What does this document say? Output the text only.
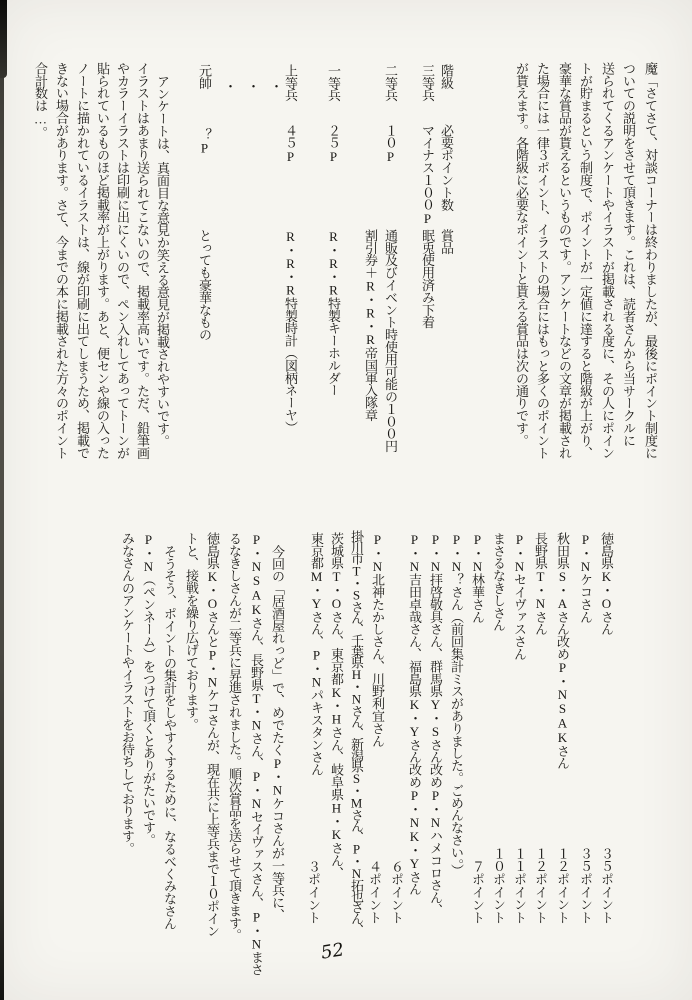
魔「さてさて、対談コーナーは終わりましたが、最後にポイント制度に
ついての説明をさせて頂きます。これは、読者さんから当サークルに
送られてくるアンケートやイラストが掲載される度に、その人にポイン
トが貯まるという制度で、ポイントが一定値に達すると階級が上がり、
豪華な賞品が貰えるというものです。アンケートなどの文章が掲載され
た場合には一律３ポイント、イラストの場合にはもっと多くのポイント
が貰えます。各階級に必要なポイントと貰える賞品は次の通りです。
階級
必要ポイント数
賞品
三等兵
マイナス１００P
眠兎使用済み下着
二等兵
１０P
通販及びイベント時使用可能の１００円
割引券＋R・R・R帝国軍入隊章
一等兵
２５P
R・R・R特製キーホルダー
上等兵
４５P
R・R・R特製時計（図柄ネーヤ）
・・・
元帥
？P
とっても豪華なもの
アンケートは、真面目な意見か笑える意見が掲載されやすいです。
イラストはあまり送られてこないので、掲載率高いです。ただ、鉛筆画
やカラーイラストは印刷に出にくいので、ペン入れしてあってトーンが
貼られているものほど掲載率が上がります。あと、便センや線の入った
ノートに描かれているイラストは、線が印刷に出てしまうため、掲載で
きない場合があります。さて、今までの本に掲載された方々のポイント
合計数は…。
徳島県K・Oさん
３５ポイント
P・Nケコさん
３５ポイント
秋田県S・Aさん改めP・NSAKさん
１２ポイント
長野県T・Nさん
１２ポイント
P・Nセイヴァスさん
１１ポイント
まさるなきしさん
１０ポイント
P・N林華さん
７ポイント
P・N？さん（前回集計ミスがありました。ごめんなさい。）
P・N拝啓敬具さん、群馬県Y・Sさん改めP・Nハメコロさん、
P・N吉田卓哉さん、福島県K・Yさん改めP・NK・Yさん
６ポイント
P・N北神たかしさん、川野利宜さん
４ポイント
掛川市T・Sさん、千葉県H・Nさん、新潟県S・Mさん、P・N拓也さん、
茨城県T・Oさん、東京都K・Hさん、岐阜県H・Kさん、
東京都M・Yさん、P・Nパキスタンさん
３ポイント
今回の「居酒屋れっど」で、めでたくP・Nケコさんが一等兵に、
P・NSAKさん、長野県T・Nさん、P・Nセイヴァスさん、P・Nまさ
るなきしさんが二等兵に昇進されました。順次賞品を送らせて頂きます。
徳島県K・OさんとP・Nケコさんが、現在共に上等兵まで１０ポイン
トと、接戦を繰り広げております。
そうそう、ポイントの集計をしやすくするために、なるべくみなさん
P・N（ペンネーム）をつけて頂くとありがたいです。
みなさんのアンケートやイラストをお待ちしております。
52
